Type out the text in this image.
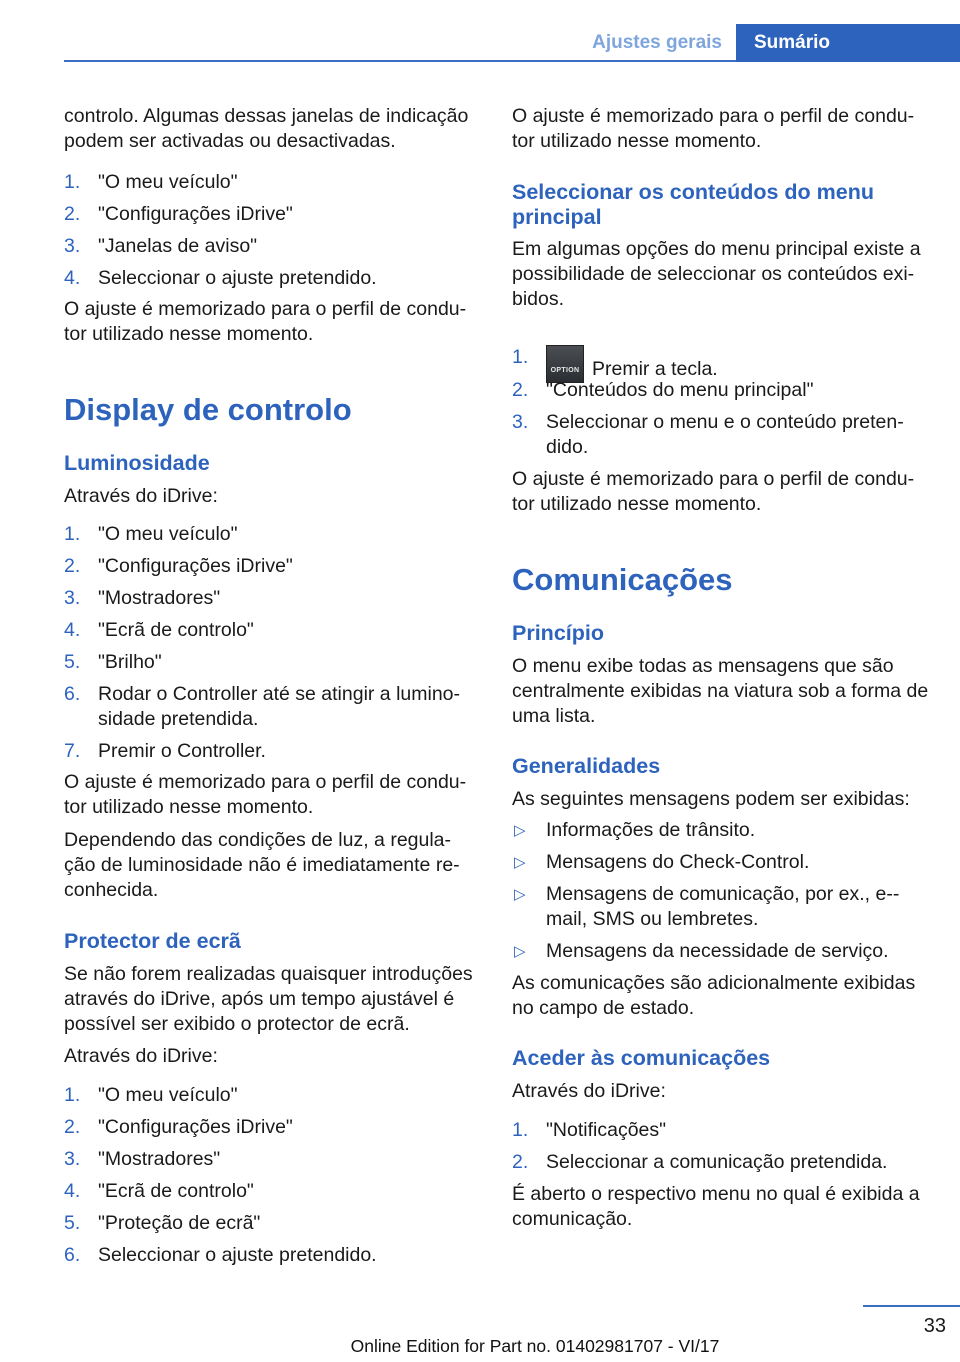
Ajustes gerais	Sumário
controlo. Algumas dessas janelas de indicação podem ser activadas ou desactivadas.
1. "O meu veículo"
2. "Configurações iDrive"
3. "Janelas de aviso"
4. Seleccionar o ajuste pretendido.
O ajuste é memorizado para o perfil de condu‐tor utilizado nesse momento.
Display de controlo
Luminosidade
Através do iDrive:
1. "O meu veículo"
2. "Configurações iDrive"
3. "Mostradores"
4. "Ecrã de controlo"
5. "Brilho"
6. Rodar o Controller até se atingir a lumino‐sidade pretendida.
7. Premir o Controller.
O ajuste é memorizado para o perfil de condu‐tor utilizado nesse momento.
Dependendo das condições de luz, a regula‐ção de luminosidade não é imediatamente re‐conhecida.
Protector de ecrã
Se não forem realizadas quaisquer introduções através do iDrive, após um tempo ajustável é possível ser exibido o protector de ecrã.
Através do iDrive:
1. "O meu veículo"
2. "Configurações iDrive"
3. "Mostradores"
4. "Ecrã de controlo"
5. "Proteção de ecrã"
6. Seleccionar o ajuste pretendido.
O ajuste é memorizado para o perfil de condu‐tor utilizado nesse momento.
Seleccionar os conteúdos do menu principal
Em algumas opções do menu principal existe a possibilidade de seleccionar os conteúdos exi‐bidos.
1.
OPTION Premir a tecla.
2. "Conteúdos do menu principal"
3. Seleccionar o menu e o conteúdo preten‐dido.
O ajuste é memorizado para o perfil de condu‐tor utilizado nesse momento.
Comunicações
Princípio
O menu exibe todas as mensagens que são centralmente exibidas na viatura sob a forma de uma lista.
Generalidades
As seguintes mensagens podem ser exibidas:
▷ Informações de trânsito.
▷ Mensagens do Check-Control.
▷ Mensagens de comunicação, por ex., e-‐mail, SMS ou lembretes.
▷ Mensagens da necessidade de serviço.
As comunicações são adicionalmente exibidas no campo de estado.
Aceder às comunicações
Através do iDrive:
1. "Notificações"
2. Seleccionar a comunicação pretendida.
É aberto o respectivo menu no qual é exibida a comunicação.
33
Online Edition for Part no. 01402981707 - VI/17
